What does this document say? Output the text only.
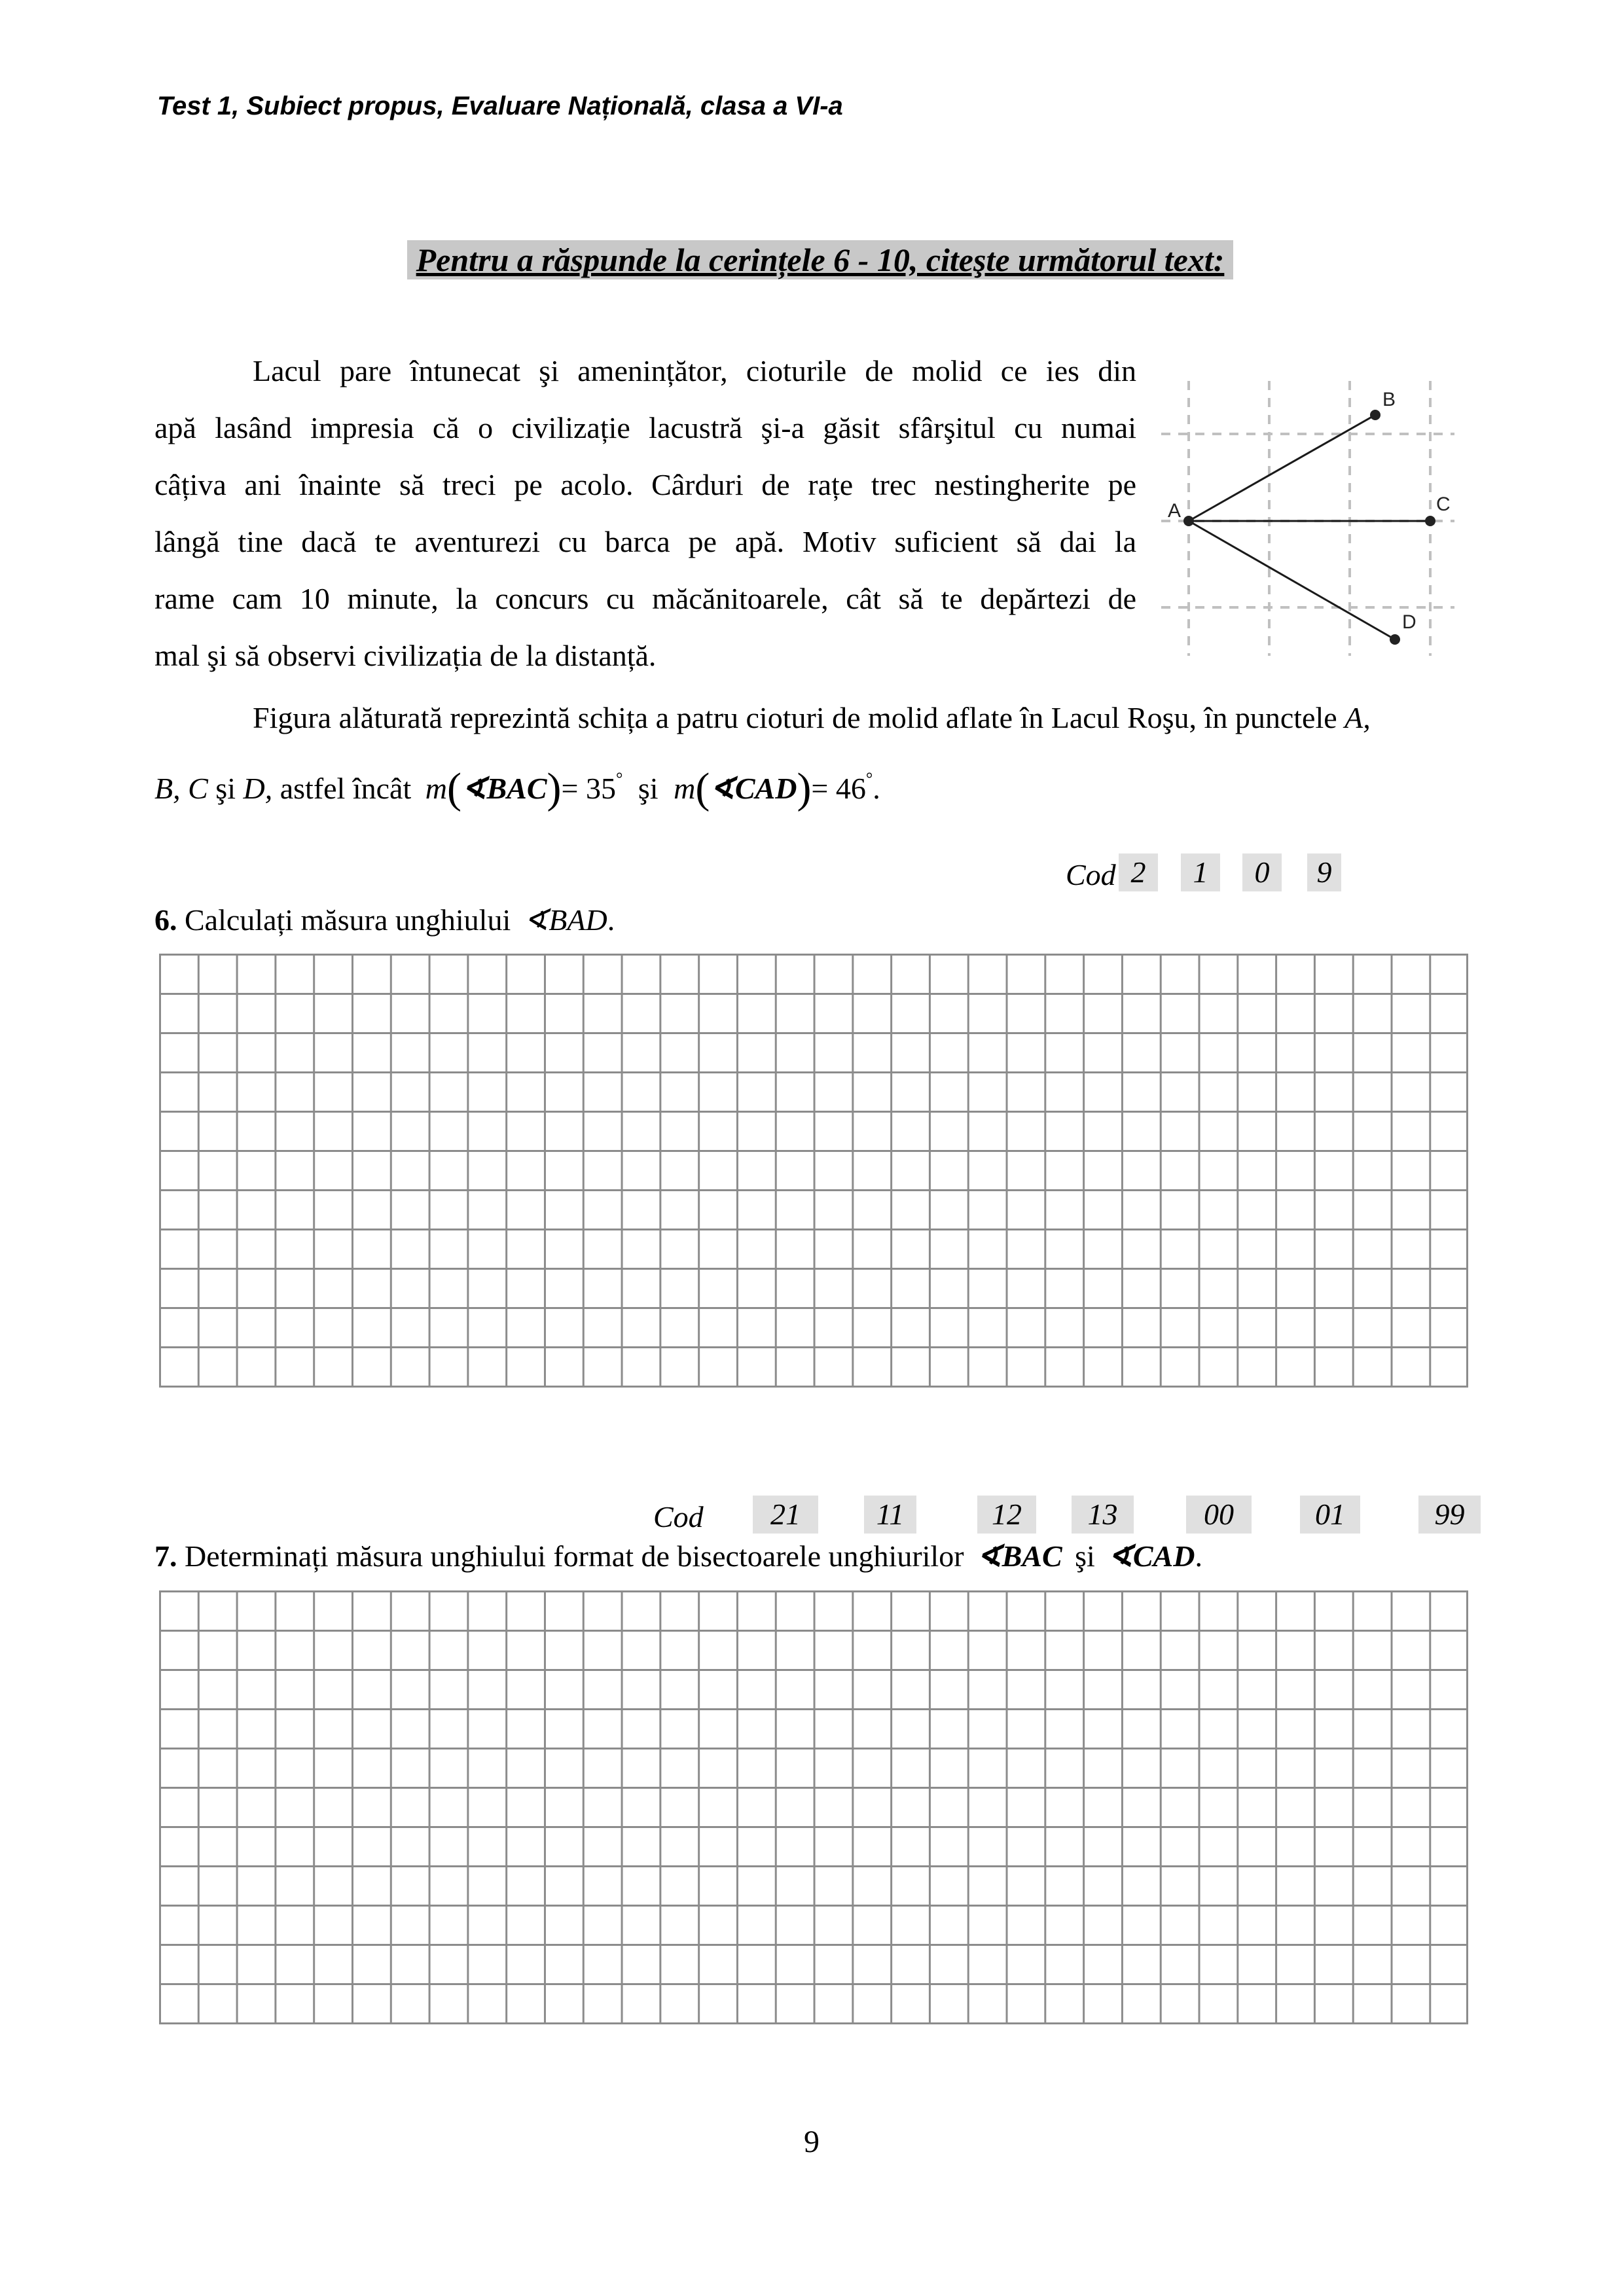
Test 1, Subiect propus, Evaluare Națională, clasa a VI-a
Pentru a răspunde la cerințele 6 - 10, citeşte următorul text:
Lacul pare întunecat şi amenințător, cioturile de molid ce ies din
apă lasând impresia că o civilizație lacustră şi-a găsit sfârşitul cu numai
câțiva ani înainte să treci pe acolo. Cârduri de rațe trec nestingherite pe
lângă tine dacă te aventurezi cu barca pe apă. Motiv suficient să dai la
rame cam 10 minute, la concurs cu măcănitoarele, cât să te depărtezi de
mal şi să observi civilizația de la distanță.
A
B
C
D
Figura alăturată reprezintă schița a patru cioturi de molid aflate în Lacul Roşu, în punctele A,
B, C şi D, astfel încât m(∢BAC)= 35° şi m(∢CAD)= 46°.
Cod 2	1	0	9
6. Calculați măsura unghiului ∢BAD.
Cod	21	11	12	13	00	01	99
7. Determinați măsura unghiului format de bisectoarele unghiurilor ∢BAC şi ∢CAD.
9
